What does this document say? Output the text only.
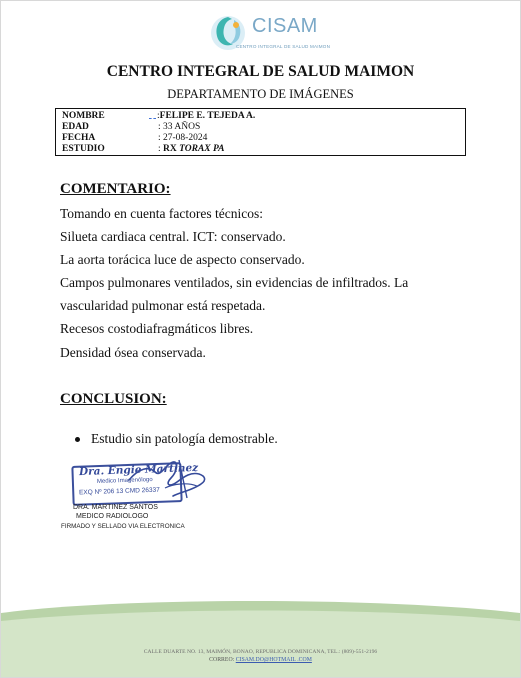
CISAM
CENTRO INTEGRAL DE SALUD MAIMON
CENTRO INTEGRAL DE SALUD MAIMON
DEPARTAMENTO DE IMÁGENES
NOMBRE	:FELIPE E. TEJEDA A.
EDAD	: 33 AÑOS
FECHA	: 27-08-2024
ESTUDIO	: RX TORAX PA
COMENTARIO:
Tomando en cuenta factores técnicos:
Silueta cardiaca central. ICT: conservado.
La aorta torácica luce de aspecto conservado.
Campos pulmonares ventilados, sin evidencias de infiltrados. La
vascularidad pulmonar está respetada.
Recesos costodiafragmáticos libres.
Densidad ósea conservada.
CONCLUSION:
Estudio sin patología demostrable.
Dra. Engie Martinez
Medico Imagenólogo
EXQ Nº 206 13 CMD 26337
DRA. MARTINEZ SANTOS
MEDICO RADIOLOGO
FIRMADO Y SELLADO VIA ELECTRONICA
CALLE DUARTE NO. 13, MAIMÓN, BONAO, REPUBLICA DOMINICANA, TEL.: (809)-551-2196
CORREO: CISAM.DO@HOTMAIL .COM
